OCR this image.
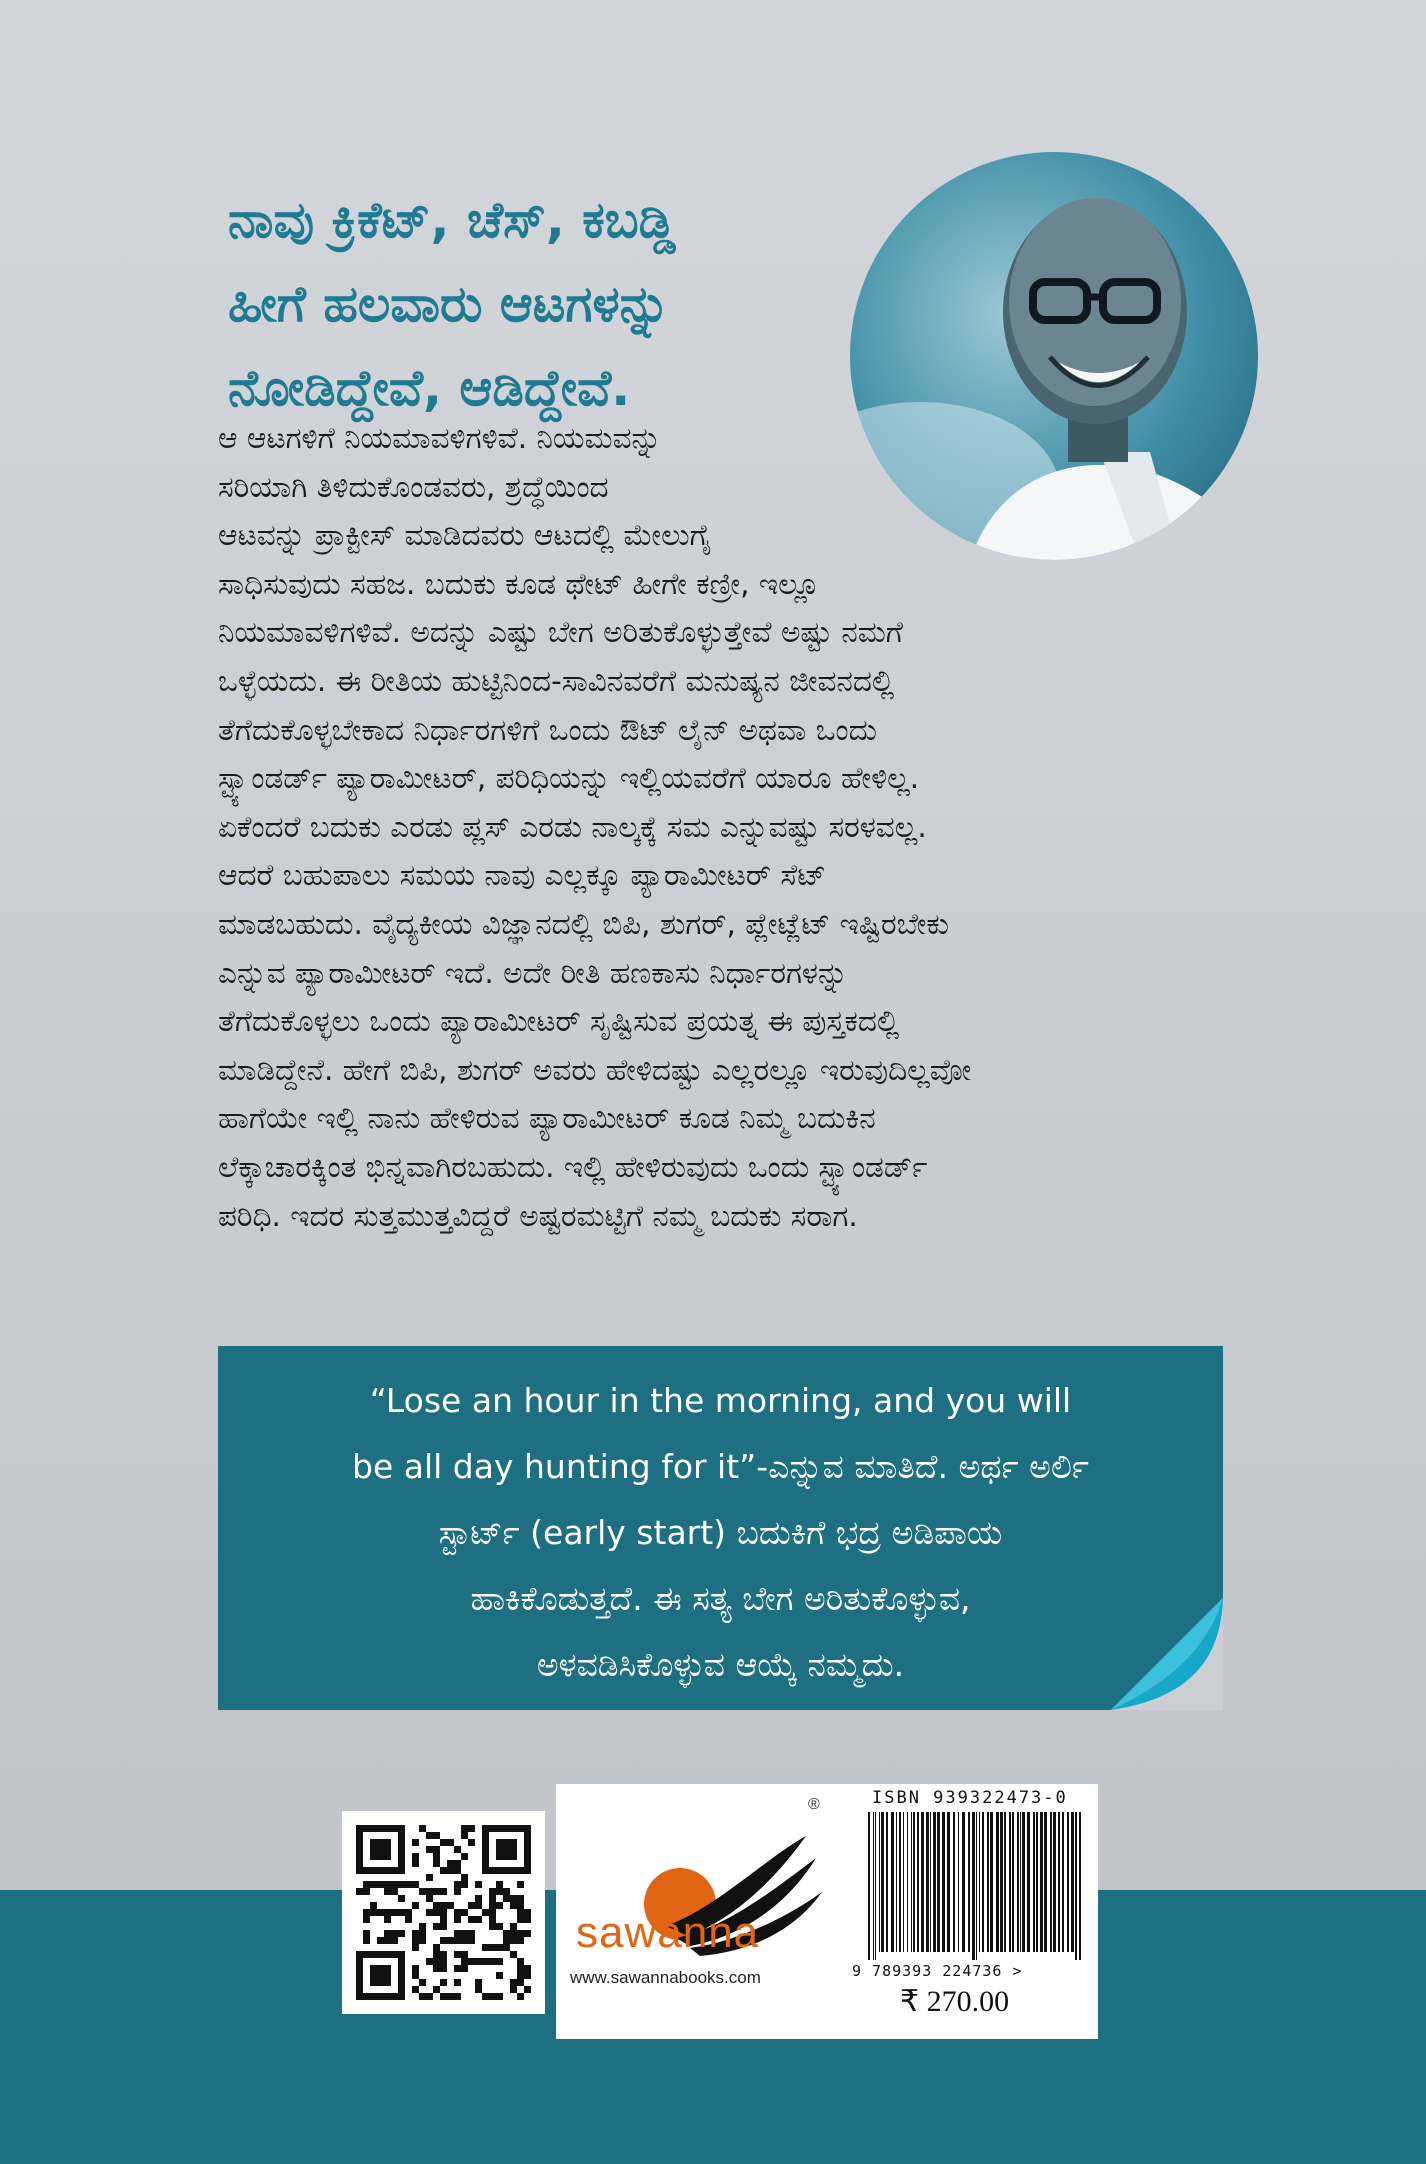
ನಾವು ಕ್ರಿಕೆಟ್, ಚೆಸ್, ಕಬಡ್ಡಿ
ಹೀಗೆ ಹಲವಾರು ಆಟಗಳನ್ನು
ನೋಡಿದ್ದೇವೆ, ಆಡಿದ್ದೇವೆ.
ಆ ಆಟಗಳಿಗೆ ನಿಯಮಾವಳಿಗಳಿವೆ. ನಿಯಮವನ್ನು
ಸರಿಯಾಗಿ ತಿಳಿದುಕೊಂಡವರು, ಶ್ರದ್ಧೆಯಿಂದ
ಆಟವನ್ನು ಪ್ರಾಕ್ಟೀಸ್ ಮಾಡಿದವರು ಆಟದಲ್ಲಿ ಮೇಲುಗೈ
ಸಾಧಿಸುವುದು ಸಹಜ. ಬದುಕು ಕೂಡ ಥೇಟ್ ಹೀಗೇ ಕಣ್ರೀ, ಇಲ್ಲೂ
ನಿಯಮಾವಳಿಗಳಿವೆ. ಅದನ್ನು ಎಷ್ಟು ಬೇಗ ಅರಿತುಕೊಳ್ಳುತ್ತೇವೆ ಅಷ್ಟು ನಮಗೆ
ಒಳ್ಳೆಯದು. ಈ ರೀತಿಯ ಹುಟ್ಟಿನಿಂದ-ಸಾವಿನವರೆಗೆ ಮನುಷ್ಯನ ಜೀವನದಲ್ಲಿ
ತೆಗೆದುಕೊಳ್ಳಬೇಕಾದ ನಿರ್ಧಾರಗಳಿಗೆ ಒಂದು ಔಟ್ ಲೈನ್ ಅಥವಾ ಒಂದು
ಸ್ಟ್ಯಾಂಡರ್ಡ್ ಪ್ಯಾರಾಮೀಟರ್, ಪರಿಧಿಯನ್ನು ಇಲ್ಲಿಯವರೆಗೆ ಯಾರೂ ಹೇಳಿಲ್ಲ.
ಏಕೆಂದರೆ ಬದುಕು ಎರಡು ಪ್ಲಸ್ ಎರಡು ನಾಲ್ಕಕ್ಕೆ ಸಮ ಎನ್ನುವಷ್ಟು ಸರಳವಲ್ಲ.
ಆದರೆ ಬಹುಪಾಲು ಸಮಯ ನಾವು ಎಲ್ಲಕ್ಕೂ ಪ್ಯಾರಾಮೀಟರ್ ಸೆಟ್
ಮಾಡಬಹುದು. ವೈದ್ಯಕೀಯ ವಿಜ್ಞಾನದಲ್ಲಿ ಬಿಪಿ, ಶುಗರ್, ಪ್ಲೇಟ್ಲೆಟ್ ಇಷ್ಟಿರಬೇಕು
ಎನ್ನುವ ಪ್ಯಾರಾಮೀಟರ್ ಇದೆ. ಅದೇ ರೀತಿ ಹಣಕಾಸು ನಿರ್ಧಾರಗಳನ್ನು
ತೆಗೆದುಕೊಳ್ಳಲು ಒಂದು ಪ್ಯಾರಾಮೀಟರ್ ಸೃಷ್ಟಿಸುವ ಪ್ರಯತ್ನ ಈ ಪುಸ್ತಕದಲ್ಲಿ
ಮಾಡಿದ್ದೇನೆ. ಹೇಗೆ ಬಿಪಿ, ಶುಗರ್ ಅವರು ಹೇಳಿದಷ್ಟು ಎಲ್ಲರಲ್ಲೂ ಇರುವುದಿಲ್ಲವೋ
ಹಾಗೆಯೇ ಇಲ್ಲಿ ನಾನು ಹೇಳಿರುವ ಪ್ಯಾರಾಮೀಟರ್ ಕೂಡ ನಿಮ್ಮ ಬದುಕಿನ
ಲೆಕ್ಕಾಚಾರಕ್ಕಿಂತ ಭಿನ್ನವಾಗಿರಬಹುದು. ಇಲ್ಲಿ ಹೇಳಿರುವುದು ಒಂದು ಸ್ಟ್ಯಾಂಡರ್ಡ್
ಪರಿಧಿ. ಇದರ ಸುತ್ತಮುತ್ತವಿದ್ದರೆ ಅಷ್ಟರಮಟ್ಟಿಗೆ ನಮ್ಮ ಬದುಕು ಸರಾಗ.
“Lose an hour in the morning, and you will
be all day hunting for it”-ಎನ್ನುವ ಮಾತಿದೆ. ಅರ್ಥ ಅರ್ಲಿ
ಸ್ಟಾರ್ಟ್ (early start) ಬದುಕಿಗೆ ಭದ್ರ ಅಡಿಪಾಯ
ಹಾಕಿಕೊಡುತ್ತದೆ. ಈ ಸತ್ಯ ಬೇಗ ಅರಿತುಕೊಳ್ಳುವ,
ಅಳವಡಿಸಿಕೊಳ್ಳುವ ಆಯ್ಕೆ ನಮ್ಮದು.
®
sawanna
www.sawannabooks.com
ISBN 939322473-0
9 789393 224736 >
₹ 270.00
